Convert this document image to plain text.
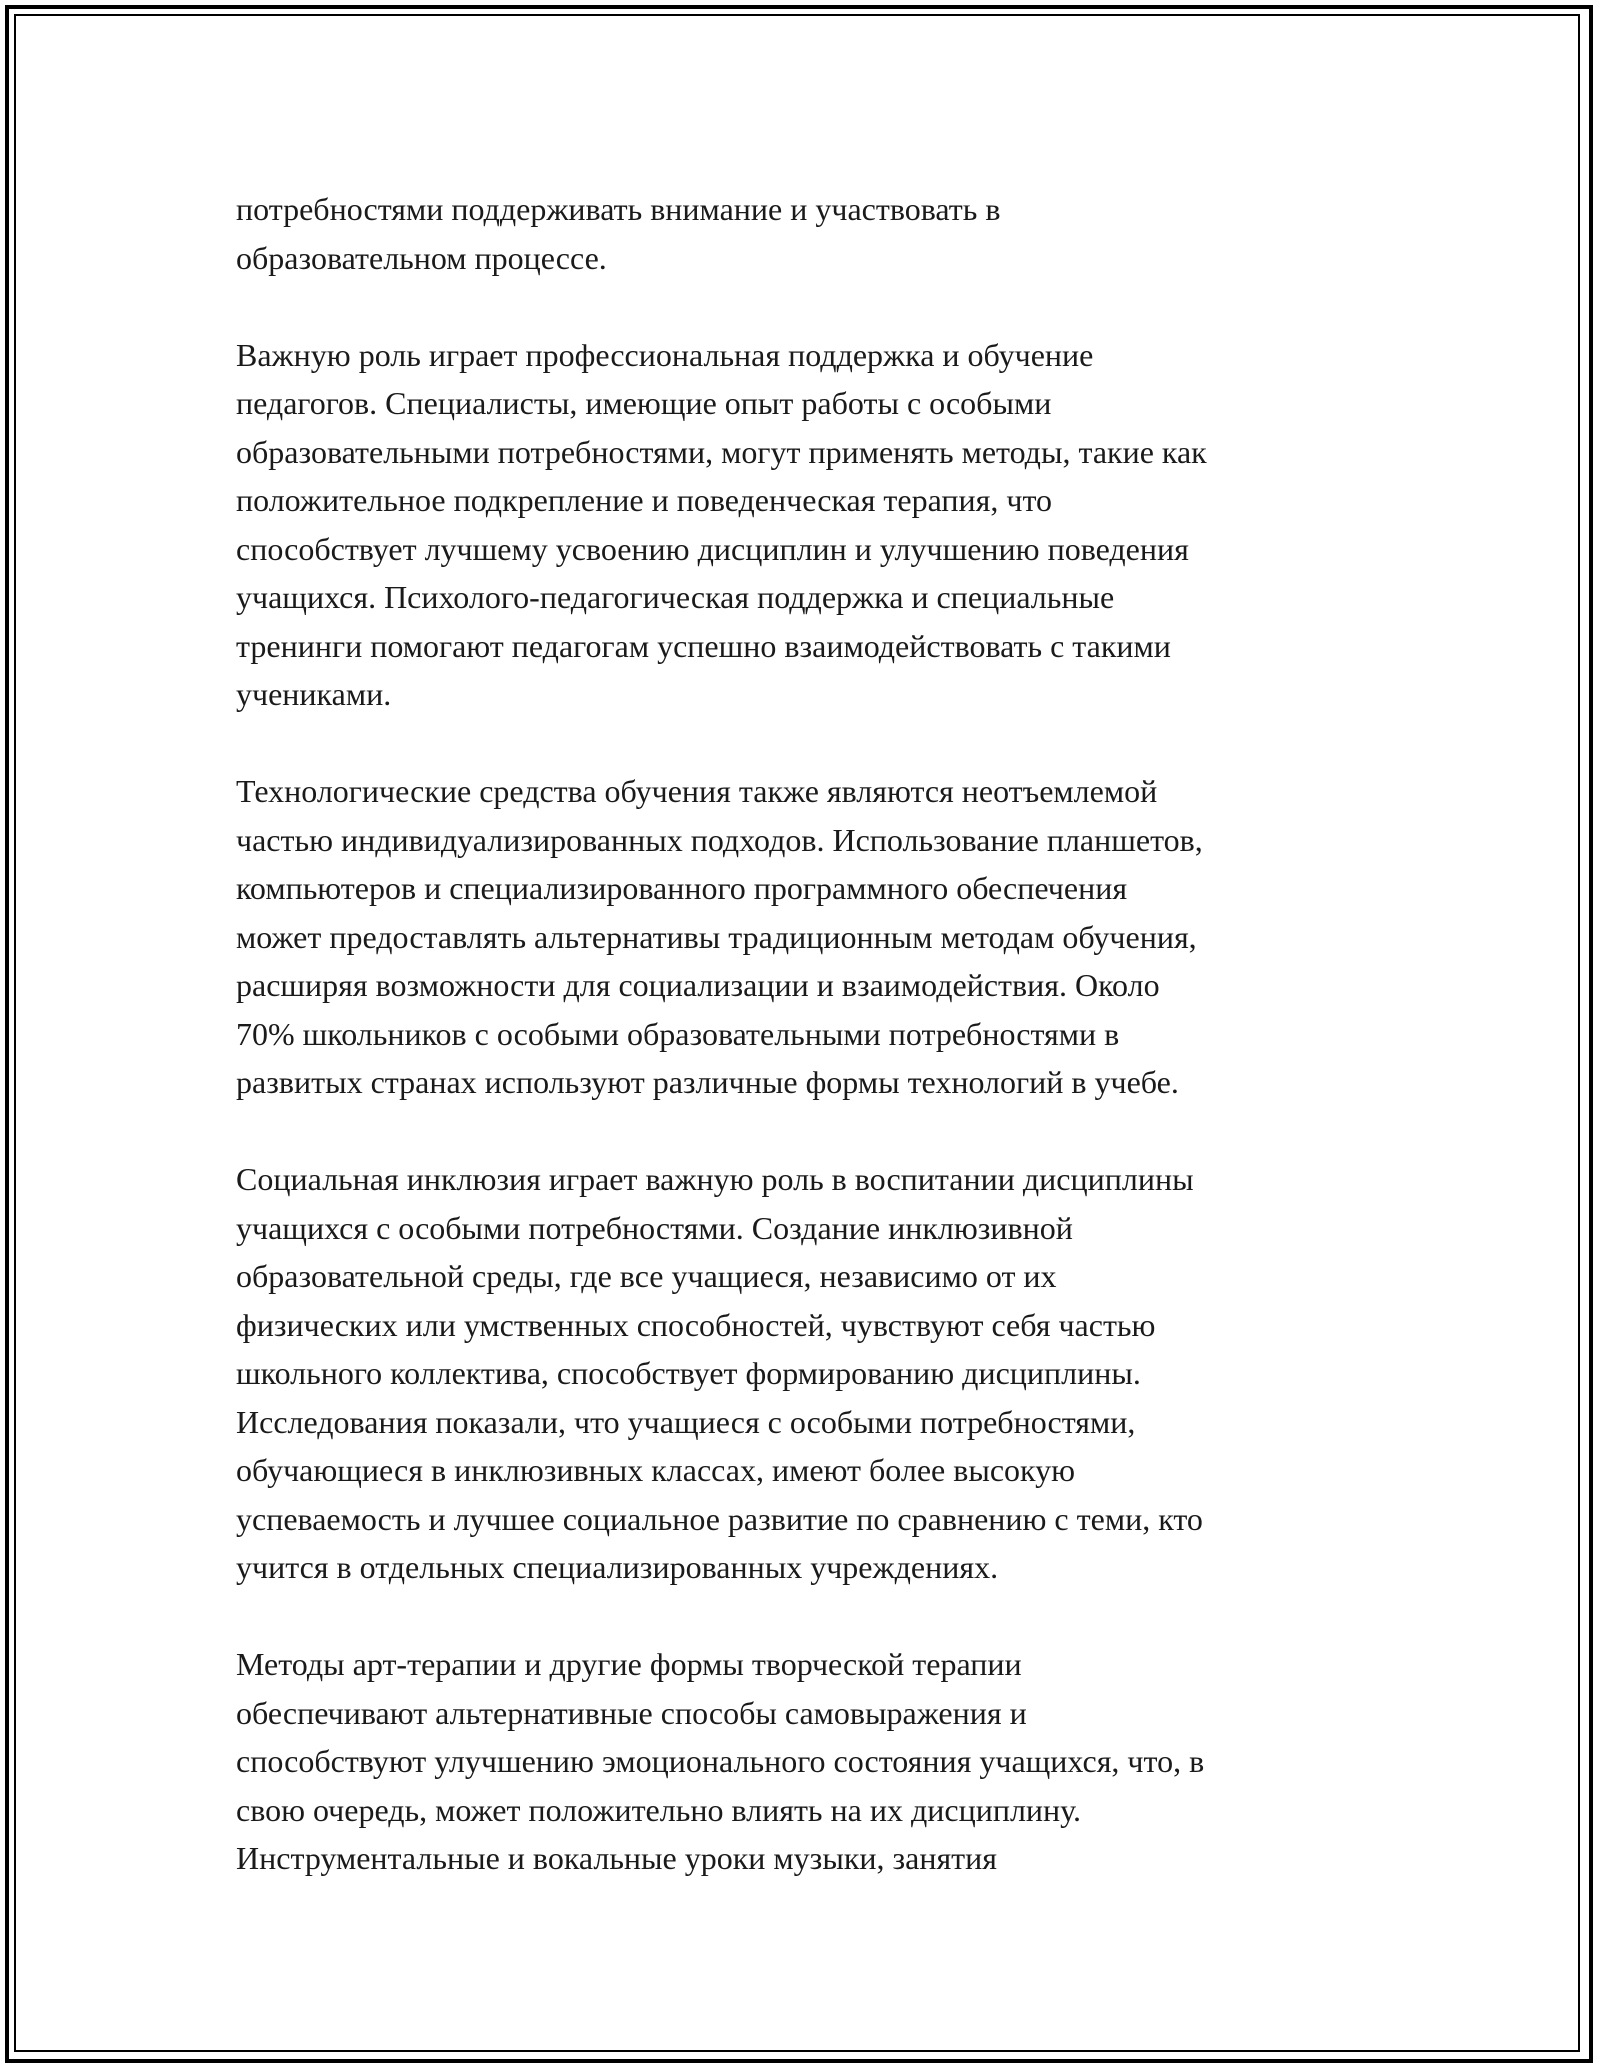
потребностями поддерживать внимание и участвовать в
образовательном процессе.

Важную роль играет профессиональная поддержка и обучение
педагогов. Специалисты, имеющие опыт работы с особыми
образовательными потребностями, могут применять методы, такие как
положительное подкрепление и поведенческая терапия, что
способствует лучшему усвоению дисциплин и улучшению поведения
учащихся. Психолого-педагогическая поддержка и специальные
тренинги помогают педагогам успешно взаимодействовать с такими
учениками.

Технологические средства обучения также являются неотъемлемой
частью индивидуализированных подходов. Использование планшетов,
компьютеров и специализированного программного обеспечения
может предоставлять альтернативы традиционным методам обучения,
расширяя возможности для социализации и взаимодействия. Около
70% школьников с особыми образовательными потребностями в
развитых странах используют различные формы технологий в учебе.

Социальная инклюзия играет важную роль в воспитании дисциплины
учащихся с особыми потребностями. Создание инклюзивной
образовательной среды, где все учащиеся, независимо от их
физических или умственных способностей, чувствуют себя частью
школьного коллектива, способствует формированию дисциплины.
Исследования показали, что учащиеся с особыми потребностями,
обучающиеся в инклюзивных классах, имеют более высокую
успеваемость и лучшее социальное развитие по сравнению с теми, кто
учится в отдельных специализированных учреждениях.

Методы арт-терапии и другие формы творческой терапии
обеспечивают альтернативные способы самовыражения и
способствуют улучшению эмоционального состояния учащихся, что, в
свою очередь, может положительно влиять на их дисциплину.
Инструментальные и вокальные уроки музыки, занятия
